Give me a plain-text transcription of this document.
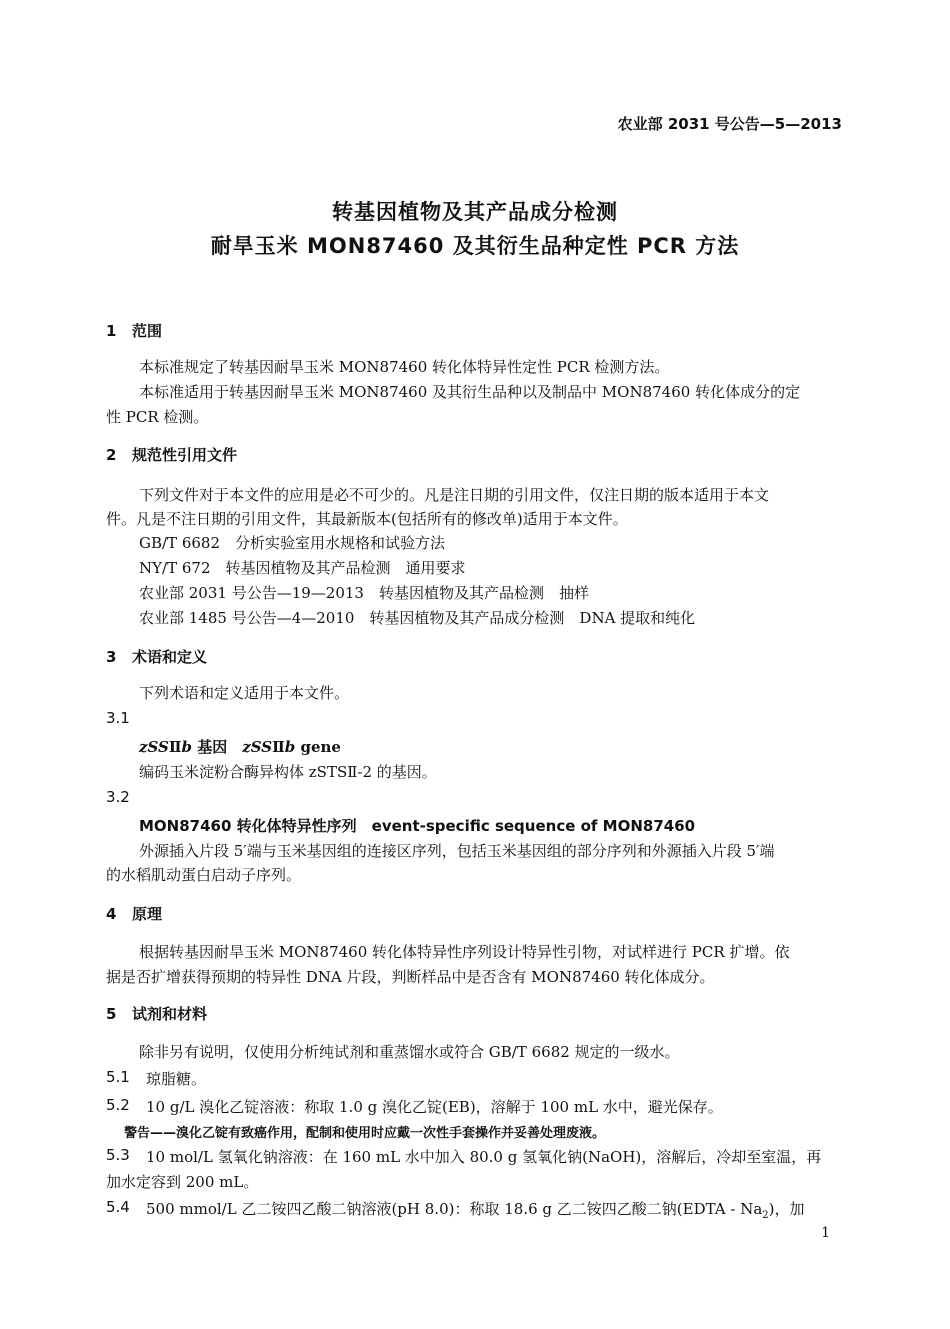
农业部 2031 号公告—5—2013
转基因植物及其产品成分检测
耐旱玉米 MON87460 及其衍生品种定性 PCR 方法
1 范围
本标准规定了转基因耐旱玉米 MON87460 转化体特异性定性 PCR 检测方法。
本标准适用于转基因耐旱玉米 MON87460 及其衍生品种以及制品中 MON87460 转化体成分的定
性 PCR 检测。
2 规范性引用文件
下列文件对于本文件的应用是必不可少的。凡是注日期的引用文件，仅注日期的版本适用于本文
件。凡是不注日期的引用文件，其最新版本(包括所有的修改单)适用于本文件。
GB/T 6682　分析实验室用水规格和试验方法
NY/T 672　转基因植物及其产品检测　通用要求
农业部 2031 号公告—19—2013　转基因植物及其产品检测　抽样
农业部 1485 号公告—4—2010　转基因植物及其产品成分检测　DNA 提取和纯化
3 术语和定义
下列术语和定义适用于本文件。
3.1
zSSⅡb 基因　zSSⅡb gene
编码玉米淀粉合酶异构体 zSTSⅡ-2 的基因。
3.2
MON87460 转化体特异性序列　event-specific sequence of MON87460
外源插入片段 5′端与玉米基因组的连接区序列，包括玉米基因组的部分序列和外源插入片段 5′端
的水稻肌动蛋白启动子序列。
4 原理
根据转基因耐旱玉米 MON87460 转化体特异性序列设计特异性引物，对试样进行 PCR 扩增。依
据是否扩增获得预期的特异性 DNA 片段，判断样品中是否含有 MON87460 转化体成分。
5 试剂和材料
除非另有说明，仅使用分析纯试剂和重蒸馏水或符合 GB/T 6682 规定的一级水。
5.1 琼脂糖。
5.2 10 g/L 溴化乙锭溶液：称取 1.0 g 溴化乙锭(EB)，溶解于 100 mL 水中，避光保存。
警告——溴化乙锭有致癌作用，配制和使用时应戴一次性手套操作并妥善处理废液。
5.3 10 mol/L 氢氧化钠溶液：在 160 mL 水中加入 80.0 g 氢氧化钠(NaOH)，溶解后，冷却至室温，再
加水定容到 200 mL。
5.4 500 mmol/L 乙二铵四乙酸二钠溶液(pH 8.0)：称取 18.6 g 乙二铵四乙酸二钠(EDTA - $Na_2$)，加
1
